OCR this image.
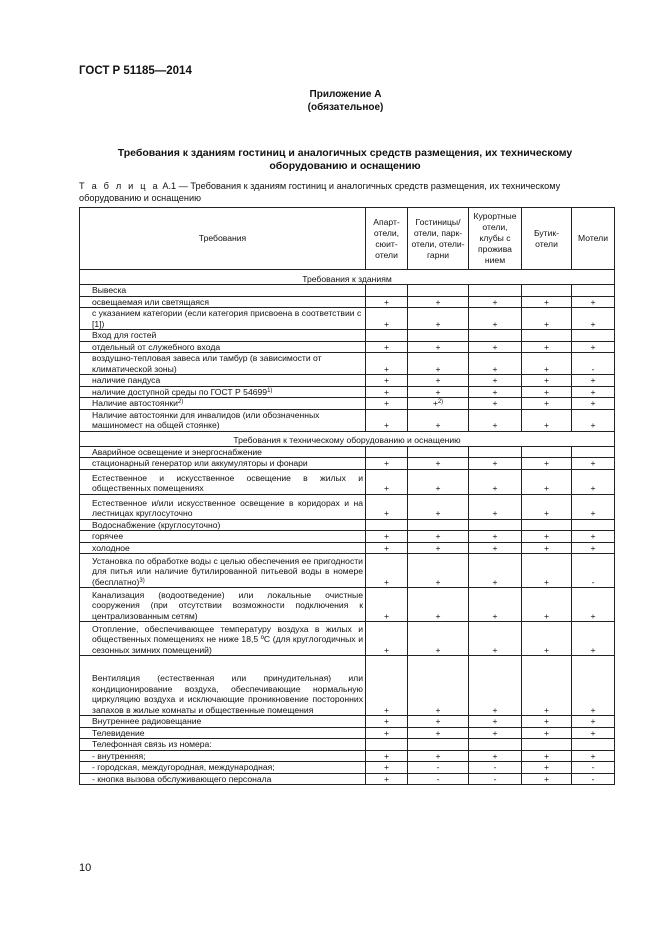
ГОСТ Р 51185—2014
Приложение А
(обязательное)
Требования к зданиям гостиниц и аналогичных средств размещения, их техническому оборудованию и оснащению
Т а б л и ц а А.1 — Требования к зданиям гостиниц и аналогичных средств размещения, их техническому оборудованию и оснащению
Требования	Апарт-отели, сюит-отели	Гостиницы/ отели, парк-отели, отели- гарни	Курортные отели, клубы с прожива нием	Бутик-отели	Мотели
Требования к зданиям					
Вывеска					
освещаемая или светящаяся	+	+	+	+	+
с указанием категории (если категория присвоена в соответствии с [1])	+	+	+	+	+
Вход для гостей					
отдельный от служебного входа	+	+	+	+	+
воздушно-тепловая завеса или тамбур (в зависимости от климатической зоны)	+	+	+	+	-
наличие пандуса	+	+	+	+	+
наличие доступной среды по ГОСТ Р $54699^{1)}$	+	+	+	+	+
Наличие автостоянки$^{2)}$	+	+$^{2)}$	+	+	+
Наличие автостоянки для инвалидов (или обозначенных машиномест на общей стоянке)	+	+	+	+	+
Требования к техническому оборудованию и оснащению					
Аварийное освещение и энергоснабжение					
стационарный генератор или аккумуляторы и фонари	+	+	+	+	+
Естественное и искусственное освещение в жилых и общественных помещениях	+	+	+	+	+
Естественное и/или искусственное освещение в коридорах и на лестницах круглосуточно	+	+	+	+	+
Водоснабжение (круглосуточно)					
горячее	+	+	+	+	+
холодное	+	+	+	+	+
Установка по обработке воды с целью обеспечения ее пригодности для питья или наличие бутилированной питьевой воды в номере (бесплатно)$^{3)}$	+	+	+	+	-
Канализация (водоотведение) или локальные очистные сооружения (при отсутствии возможности подключения к централизованным сетям)	+	+	+	+	+
Отопление, обеспечивающее температуру воздуха в жилых и общественных помещениях не ниже 18,5 ºС (для круглогодичных и сезонных зимних помещений)	+	+	+	+	+
Вентиляция (естественная или принудительная) или кондиционирование воздуха, обеспечивающие нормальную циркуляцию воздуха и исключающие проникновение посторонних запахов в жилые комнаты и общественные помещения	+	+	+	+	+
Внутреннее радиовещание	+	+	+	+	+
Телевидение	+	+	+	+	+
Телефонная связь из номера:					
- внутренняя;	+	+	+	+	+
- городская, междугородная, международная;	+	-	-	+	-
- кнопка вызова обслуживающего персонала	+	-	-	+	-
10
